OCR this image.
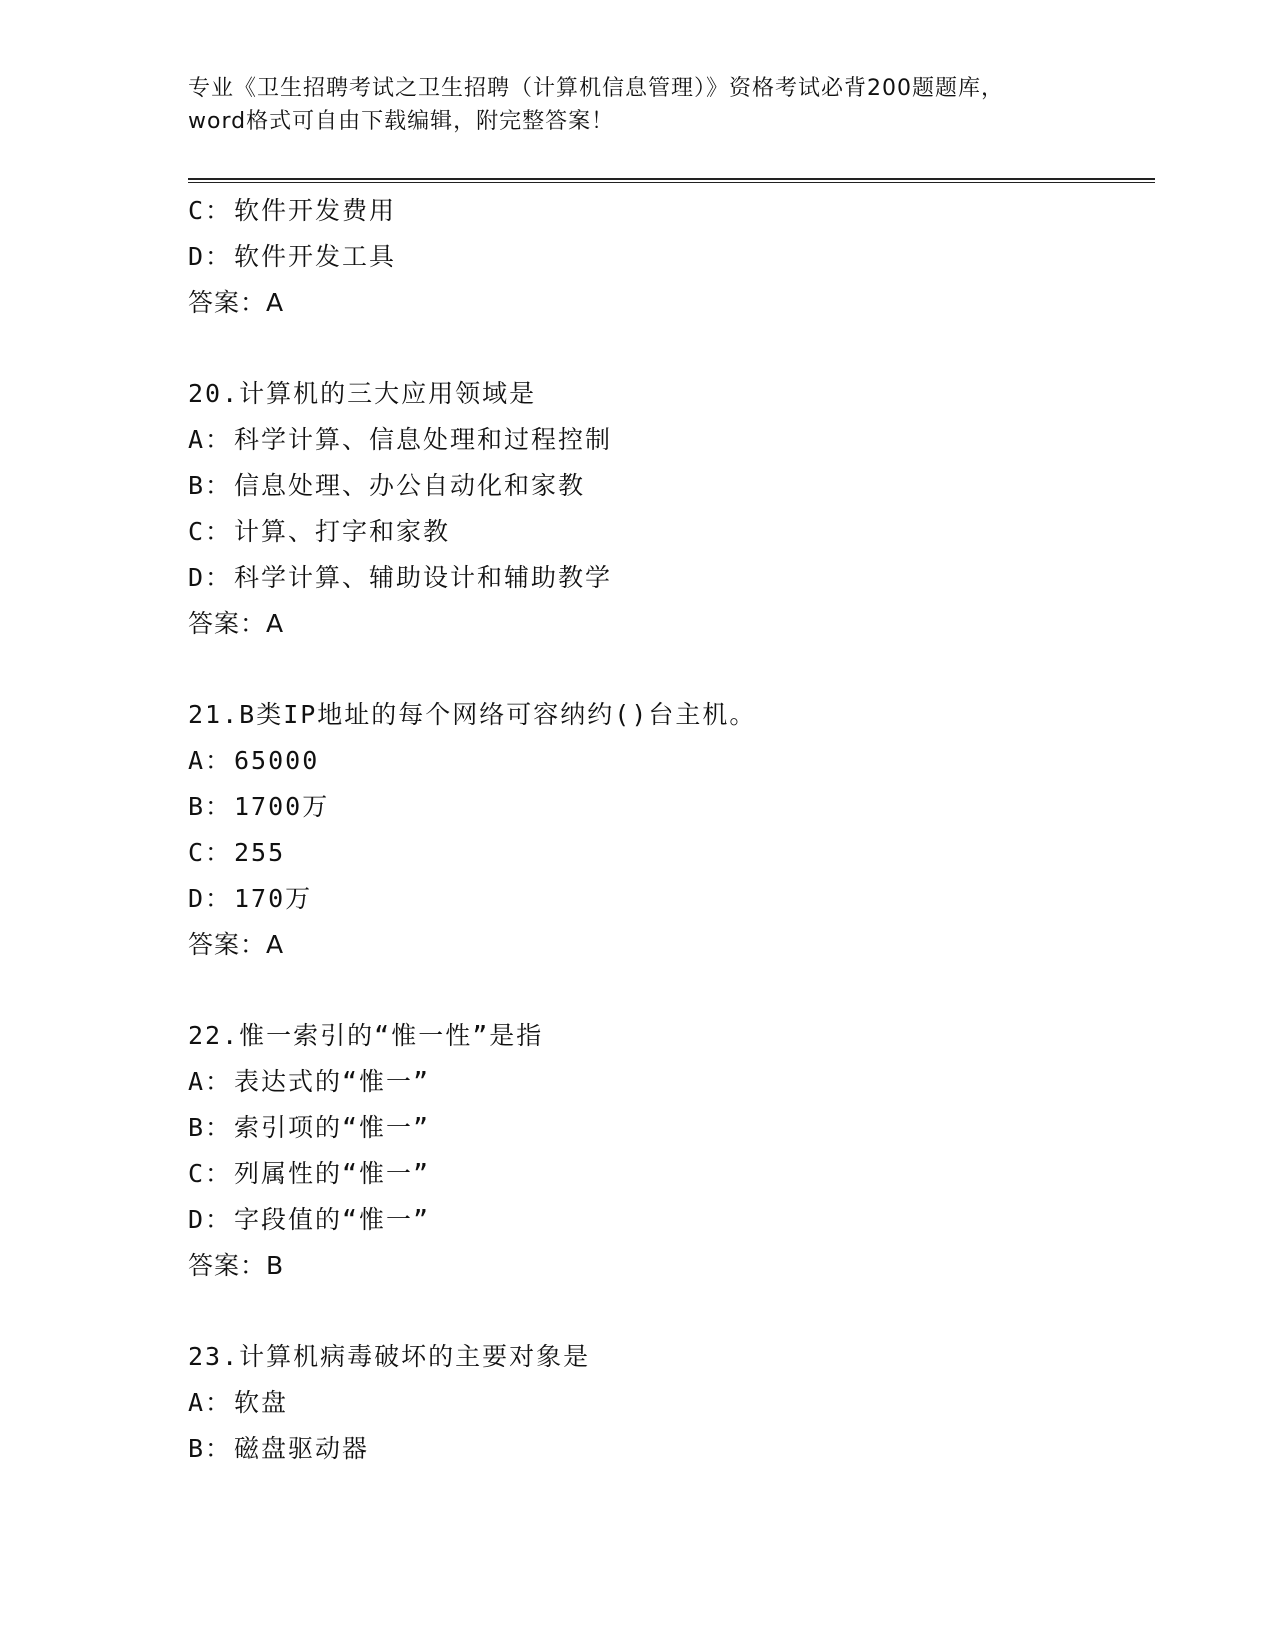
专业《卫生招聘考试之卫生招聘（计算机信息管理）》资格考试必背200题题库，
word格式可自由下载编辑，附完整答案！
C：软件开发费用
D：软件开发工具
答案：A
20.计算机的三大应用领域是
A：科学计算、信息处理和过程控制
B：信息处理、办公自动化和家教
C：计算、打字和家教
D：科学计算、辅助设计和辅助教学
答案：A
21.B类IP地址的每个网络可容纳约()台主机。
A：65000
B：1700万
C：255
D：170万
答案：A
22.惟一索引的“惟一性”是指
A：表达式的“惟一”
B：索引项的“惟一”
C：列属性的“惟一”
D：字段值的“惟一”
答案：B
23.计算机病毒破坏的主要对象是
A：软盘
B：磁盘驱动器
